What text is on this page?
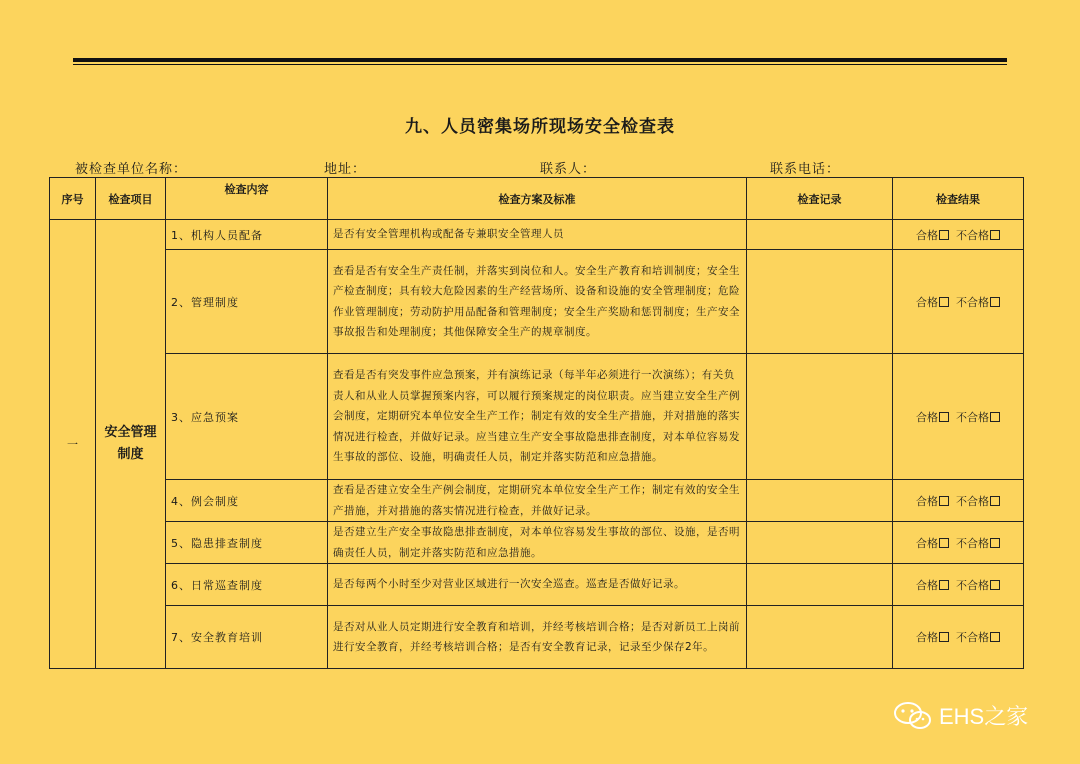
九、人员密集场所现场安全检查表
被检查单位名称：	地址：	联系人：	联系电话：
序号	检查项目	检查内容	检查方案及标准	检查记录	检查结果
一	安全管理制度	1、机构人员配备	是否有安全管理机构或配备专兼职安全管理人员		合格 不合格
		2、管理制度	查看是否有安全生产责任制，并落实到岗位和人。安全生产教育和培训制度；安全生产检查制度；具有较大危险因素的生产经营场所、设备和设施的安全管理制度；危险作业管理制度；劳动防护用品配备和管理制度；安全生产奖励和惩罚制度；生产安全事故报告和处理制度；其他保障安全生产的规章制度。		合格 不合格
		3、应急预案	查看是否有突发事件应急预案，并有演练记录（每半年必须进行一次演练）；有关负责人和从业人员掌握预案内容，可以履行预案规定的岗位职责。应当建立安全生产例会制度，定期研究本单位安全生产工作；制定有效的安全生产措施，并对措施的落实情况进行检查，并做好记录。应当建立生产安全事故隐患排查制度，对本单位容易发生事故的部位、设施，明确责任人员，制定并落实防范和应急措施。		合格 不合格
		4、例会制度	查看是否建立安全生产例会制度，定期研究本单位安全生产工作；制定有效的安全生产措施，并对措施的落实情况进行检查，并做好记录。		合格 不合格
		5、隐患排查制度	是否建立生产安全事故隐患排查制度，对本单位容易发生事故的部位、设施，是否明确责任人员，制定并落实防范和应急措施。		合格 不合格
		6、日常巡查制度	是否每两个小时至少对营业区域进行一次安全巡查。巡查是否做好记录。		合格 不合格
		7、安全教育培训	是否对从业人员定期进行安全教育和培训，并经考核培训合格；是否对新员工上岗前进行安全教育，并经考核培训合格；是否有安全教育记录，记录至少保存2年。		合格 不合格
EHS之家
